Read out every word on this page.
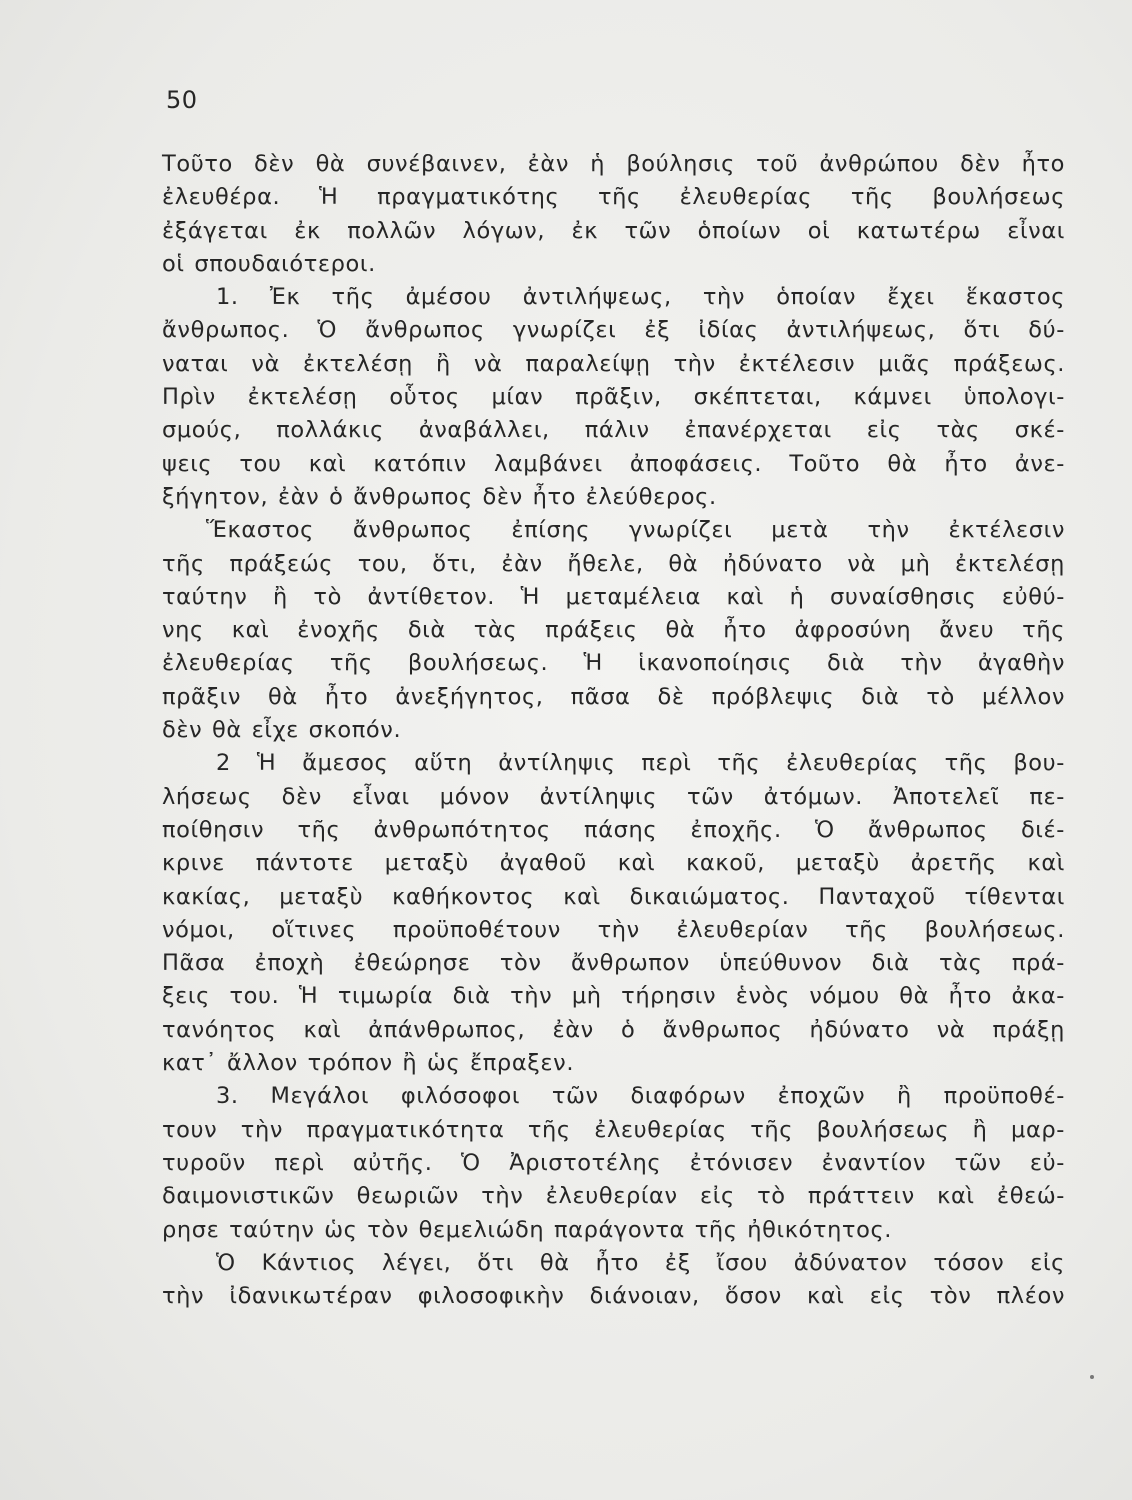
50
Τοῦτο δὲν θὰ συνέβαινεν, ἐὰν ἡ βούλησις τοῦ ἀνθρώπου δὲν ἦτο
ἐλευθέρα. Ἡ πραγματικότης τῆς ἐλευθερίας τῆς βουλήσεως
ἐξάγεται ἐκ πολλῶν λόγων, ἐκ τῶν ὁποίων οἱ κατωτέρω εἶναι
οἱ σπουδαιότεροι.
1. Ἐκ τῆς ἀμέσου ἀντιλήψεως, τὴν ὁποίαν ἔχει ἕκαστος
ἄνθρωπος. Ὁ ἄνθρωπος γνωρίζει ἐξ ἰδίας ἀντιλήψεως, ὅτι δύ-
ναται νὰ ἐκτελέσῃ ἢ νὰ παραλείψῃ τὴν ἐκτέλεσιν μιᾶς πράξεως.
Πρὶν ἐκτελέσῃ οὗτος μίαν πρᾶξιν, σκέπτεται, κάμνει ὑπολογι-
σμούς, πολλάκις ἀναβάλλει, πάλιν ἐπανέρχεται εἰς τὰς σκέ-
ψεις του καὶ κατόπιν λαμβάνει ἀποφάσεις. Τοῦτο θὰ ἦτο ἀνε-
ξήγητον, ἐὰν ὁ ἄνθρωπος δὲν ἦτο ἐλεύθερος.
Ἕκαστος ἄνθρωπος ἐπίσης γνωρίζει μετὰ τὴν ἐκτέλεσιν
τῆς πράξεώς του, ὅτι, ἐὰν ἤθελε, θὰ ἠδύνατο νὰ μὴ ἐκτελέσῃ
ταύτην ἢ τὸ ἀντίθετον. Ἡ μεταμέλεια καὶ ἡ συναίσθησις εὐθύ-
νης καὶ ἐνοχῆς διὰ τὰς πράξεις θὰ ἦτο ἀφροσύνη ἄνευ τῆς
ἐλευθερίας τῆς βουλήσεως. Ἡ ἱκανοποίησις διὰ τὴν ἀγαθὴν
πρᾶξιν θὰ ἦτο ἀνεξήγητος, πᾶσα δὲ πρόβλεψις διὰ τὸ μέλλον
δὲν θὰ εἶχε σκοπόν.
2 Ἡ ἄμεσος αὕτη ἀντίληψις περὶ τῆς ἐλευθερίας τῆς βου-
λήσεως δὲν εἶναι μόνον ἀντίληψις τῶν ἀτόμων. Ἀποτελεῖ πε-
ποίθησιν τῆς ἀνθρωπότητος πάσης ἐποχῆς. Ὁ ἄνθρωπος διέ-
κρινε πάντοτε μεταξὺ ἀγαθοῦ καὶ κακοῦ, μεταξὺ ἀρετῆς καὶ
κακίας, μεταξὺ καθήκοντος καὶ δικαιώματος. Πανταχοῦ τίθενται
νόμοι, οἵτινες προϋποθέτουν τὴν ἐλευθερίαν τῆς βουλήσεως.
Πᾶσα ἐποχὴ ἐθεώρησε τὸν ἄνθρωπον ὑπεύθυνον διὰ τὰς πρά-
ξεις του. Ἡ τιμωρία διὰ τὴν μὴ τήρησιν ἑνὸς νόμου θὰ ἦτο ἀκα-
τανόητος καὶ ἀπάνθρωπος, ἐὰν ὁ ἄνθρωπος ἠδύνατο νὰ πράξῃ
κατ᾽ ἄλλον τρόπον ἢ ὡς ἔπραξεν.
3. Μεγάλοι φιλόσοφοι τῶν διαφόρων ἐποχῶν ἢ προϋποθέ-
τουν τὴν πραγματικότητα τῆς ἐλευθερίας τῆς βουλήσεως ἢ μαρ-
τυροῦν περὶ αὐτῆς. Ὁ Ἀριστοτέλης ἐτόνισεν ἐναντίον τῶν εὐ-
δαιμονιστικῶν θεωριῶν τὴν ἐλευθερίαν εἰς τὸ πράττειν καὶ ἐθεώ-
ρησε ταύτην ὡς τὸν θεμελιώδη παράγοντα τῆς ἠθικότητος.
Ὁ Κάντιος λέγει, ὅτι θὰ ἦτο ἐξ ἴσου ἀδύνατον τόσον εἰς
τὴν ἰδανικωτέραν φιλοσοφικὴν διάνοιαν, ὅσον καὶ εἰς τὸν πλέον
